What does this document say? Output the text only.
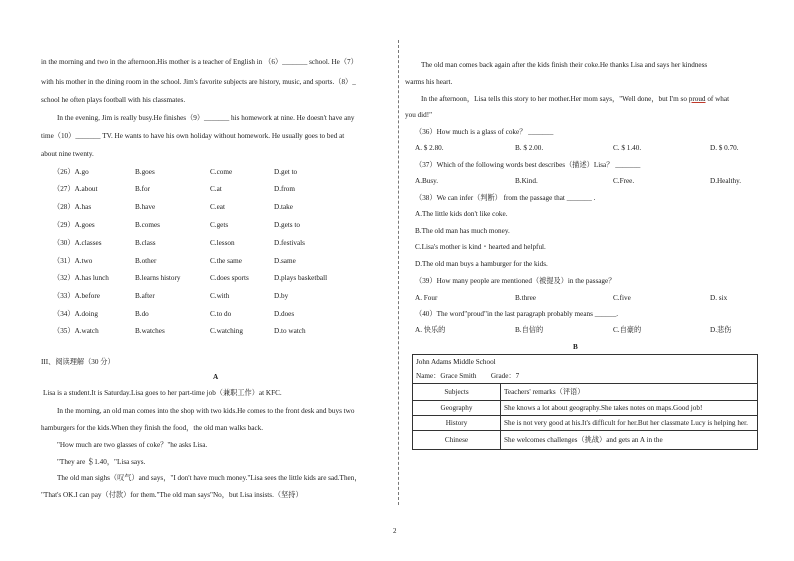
in the morning and two in the afternoon.His mother is a teacher of English in （6）_______ school. He（7）
with his mother in the dining room in the school. Jim's favorite subjects are history, music, and sports.（8）_
school he often plays football with his classmates.
In the evening, Jim is really busy.He finishes（9）_______ his homework at nine. He doesn't have any
time（10）_______ TV. He wants to have his own holiday without homework. He usually goes to bed at
about nine twenty.
（26）A.go	B.goes	C.come	D.get to
（27）A.about	B.for	C.at	D.from
（28）A.has	B.have	C.eat	D.take
（29）A.goes	B.comes	C.gets	D.gets to
（30）A.classes	B.class	C.lesson	D.festivals
（31）A.two	B.other	C.the same	D.same
（32）A.has lunch	B.learns history	C.does sports	D.plays basketball
（33）A.before	B.after	C.with	D.by
（34）A.doing	B.do	C.to do	D.does
（35）A.watch	B.watches	C.watching	D.to watch
III、阅读理解（30 分）
A
Lisa is a student.It is Saturday.Lisa goes to her part-time job（兼职工作）at KFC.
In the morning, an old man comes into the shop with two kids.He comes to the front desk and buys two
hamburgers for the kids.When they finish the food，the old man walks back.
"How much are two glasses of coke？"he asks Lisa.
"They are ＄1.40，"Lisa says.
The old man sighs（叹气）and says，"I don't have much money."Lisa sees the little kids are sad.Then，
"That's OK.I can pay（付款）for them."The old man says"No，but Lisa insists.（坚持）
The old man comes back again after the kids finish their coke.He thanks Lisa and says her kindness
warms his heart.
In the afternoon，Lisa tells this story to her mother.Her mom says，"Well done，but I'm so proud of what
you did!"
（36）How much is a glass of coke？ _______
A. $ 2.80.	B. $ 2.00.	C. $ 1.40.	D. $ 0.70.
（37）Which of the following words best describes（描述）Lisa？ _______
A.Busy.	B.Kind.	C.Free.	D.Healthy.
（38）We can infer（判断） from the passage that _______ .
A.The little kids don't like coke.
B.The old man has much money.
C.Lisa's mother is kind・hearted and helpful.
D.The old man buys a hamburger for the kids.
（39）How many people are mentioned（被提及）in the passage？
A. Four	B.three	C.five	D. six
（40）The word"proud"in the last paragraph probably means ______.
A. 快乐的	B.自信的	C.自豪的	D.悲伤
B
John Adams Middle School	
Name：Grace Smith Grade：7	
Subjects	Teachers' remarks（评语）
Geography	She knows a lot about geography.She takes notes on maps.Good job!
History	She is not very good at his.It's difficult for her.But her classmate Lucy is helping her.
Chinese	She welcomes challenges（挑战）and gets an A in the
2
